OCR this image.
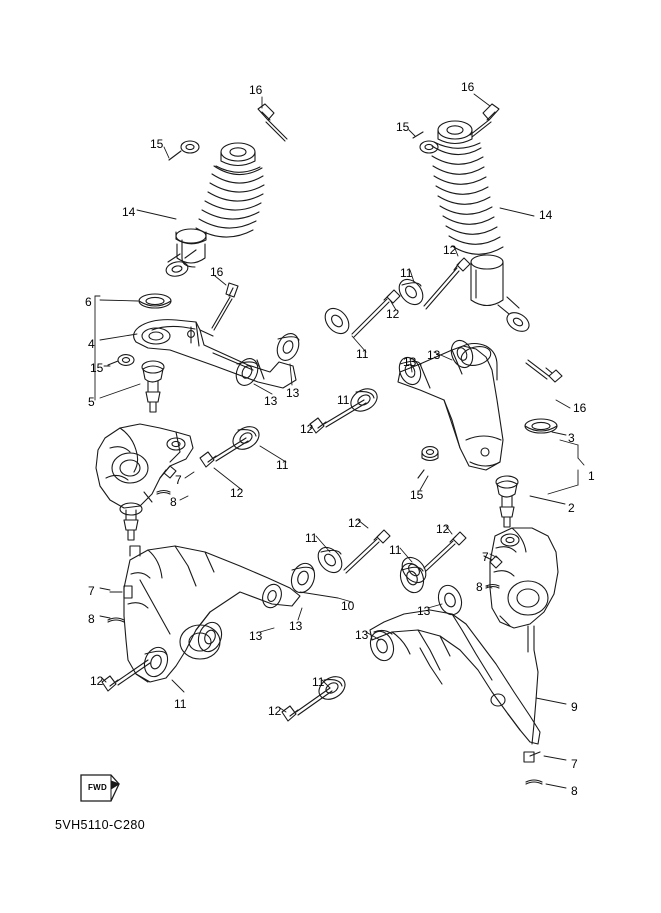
FWD
5VH5110-C280
16	16
15
15
14	14
16
12
11
6
12
4
11
13 13
15
13
13	16
5	11
12
3
11
1
15
7
12
8	2
12
11
12
11	7
10
8
13
13
7
8
13	13
12
11
11
12	9
7
8
